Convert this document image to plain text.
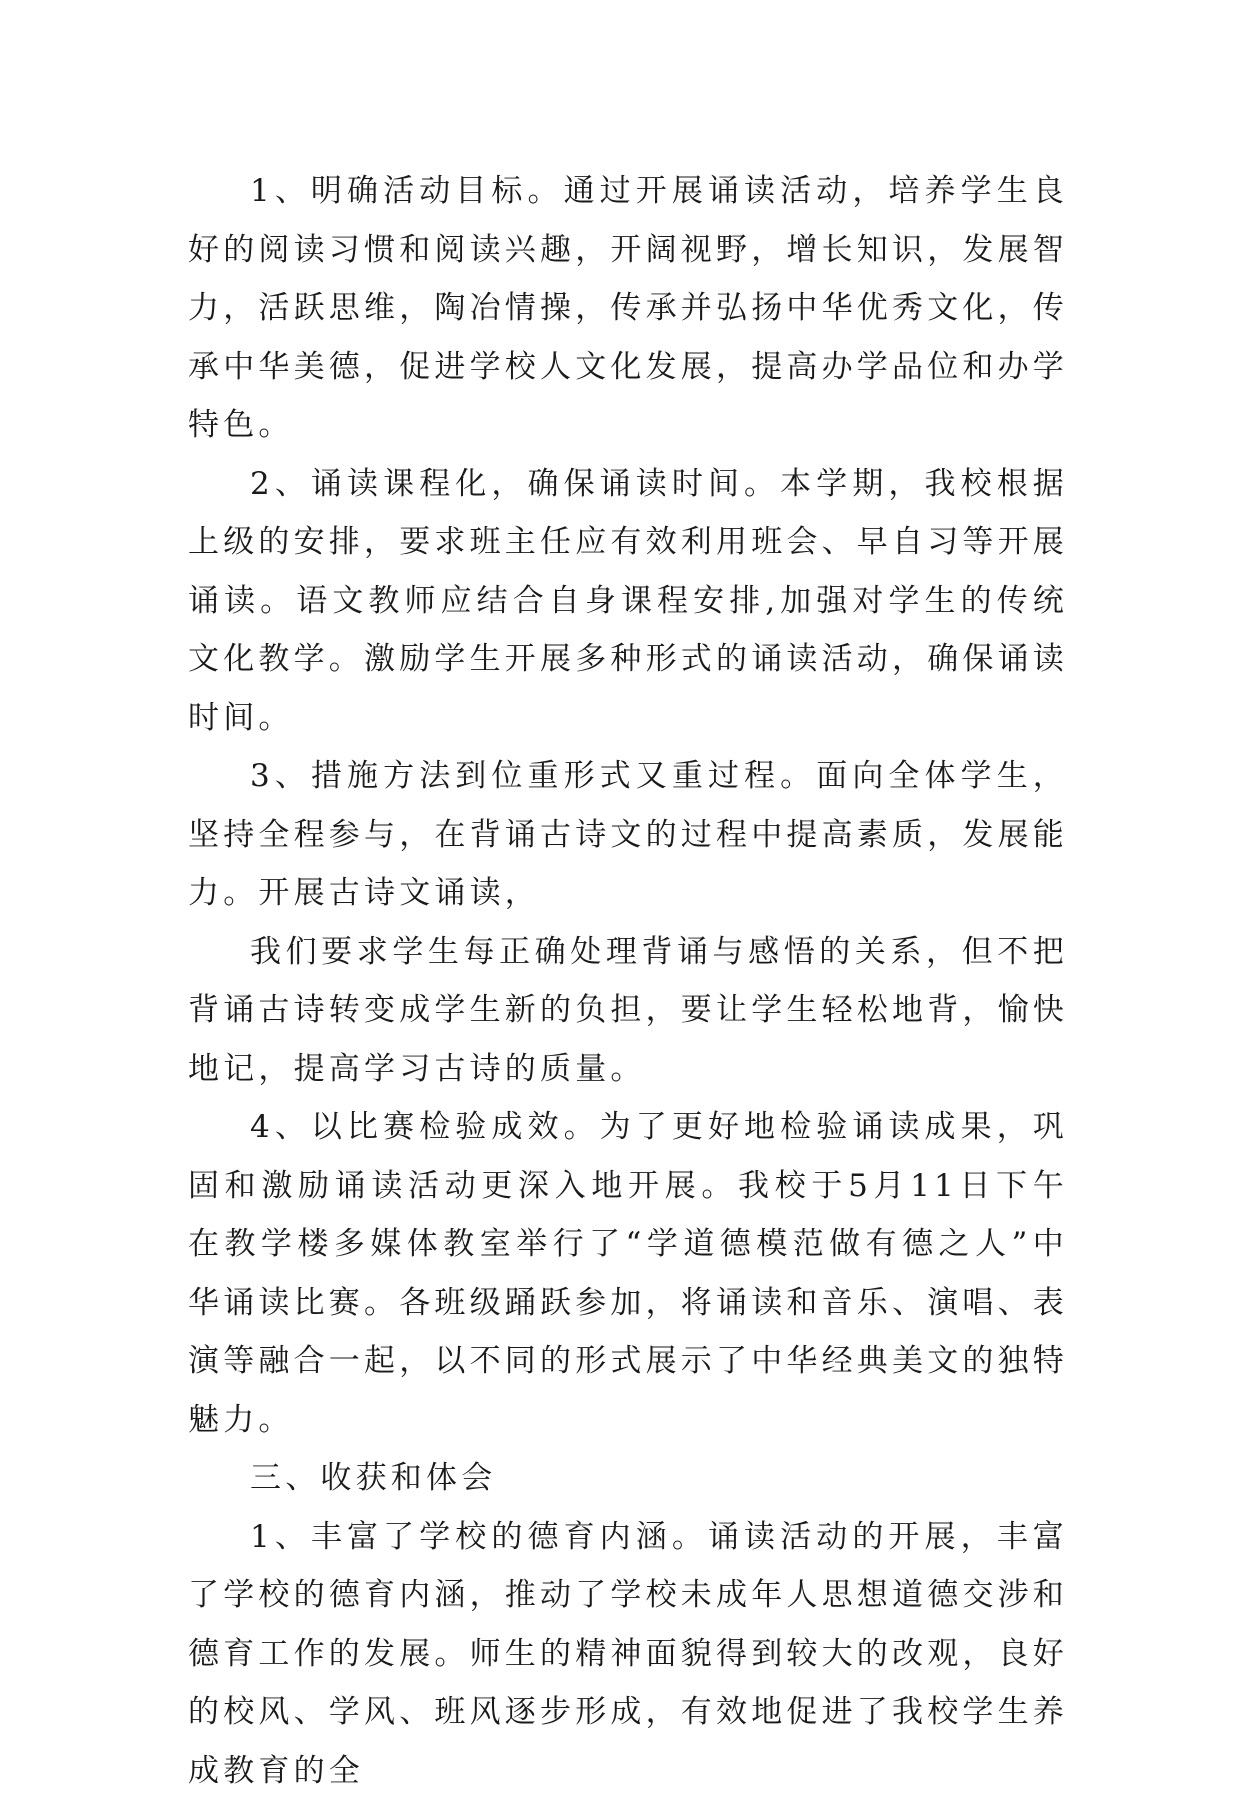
1、明确活动目标。通过开展诵读活动，培养学生良好的阅读习惯和阅读兴趣，开阔视野，增长知识，发展智力，活跃思维，陶冶情操，传承并弘扬中华优秀文化，传承中华美德，促进学校人文化发展，提高办学品位和办学特色。

2、诵读课程化，确保诵读时间。本学期，我校根据上级的安排，要求班主任应有效利用班会、早自习等开展诵读。语文教师应结合自身课程安排,加强对学生的传统文化教学。激励学生开展多种形式的诵读活动，确保诵读时间。

3、措施方法到位重形式又重过程。面向全体学生，坚持全程参与，在背诵古诗文的过程中提高素质，发展能力。开展古诗文诵读，

我们要求学生每正确处理背诵与感悟的关系，但不把背诵古诗转变成学生新的负担，要让学生轻松地背，愉快地记，提高学习古诗的质量。

4、以比赛检验成效。为了更好地检验诵读成果，巩固和激励诵读活动更深入地开展。我校于5月11日下午在教学楼多媒体教室举行了“学道德模范做有德之人”中华诵读比赛。各班级踊跃参加，将诵读和音乐、演唱、表演等融合一起，以不同的形式展示了中华经典美文的独特魅力。

三、收获和体会

1、丰富了学校的德育内涵。诵读活动的开展，丰富了学校的德育内涵，推动了学校未成年人思想道德交涉和德育工作的发展。师生的精神面貌得到较大的改观，良好的校风、学风、班风逐步形成，有效地促进了我校学生养成教育的全
